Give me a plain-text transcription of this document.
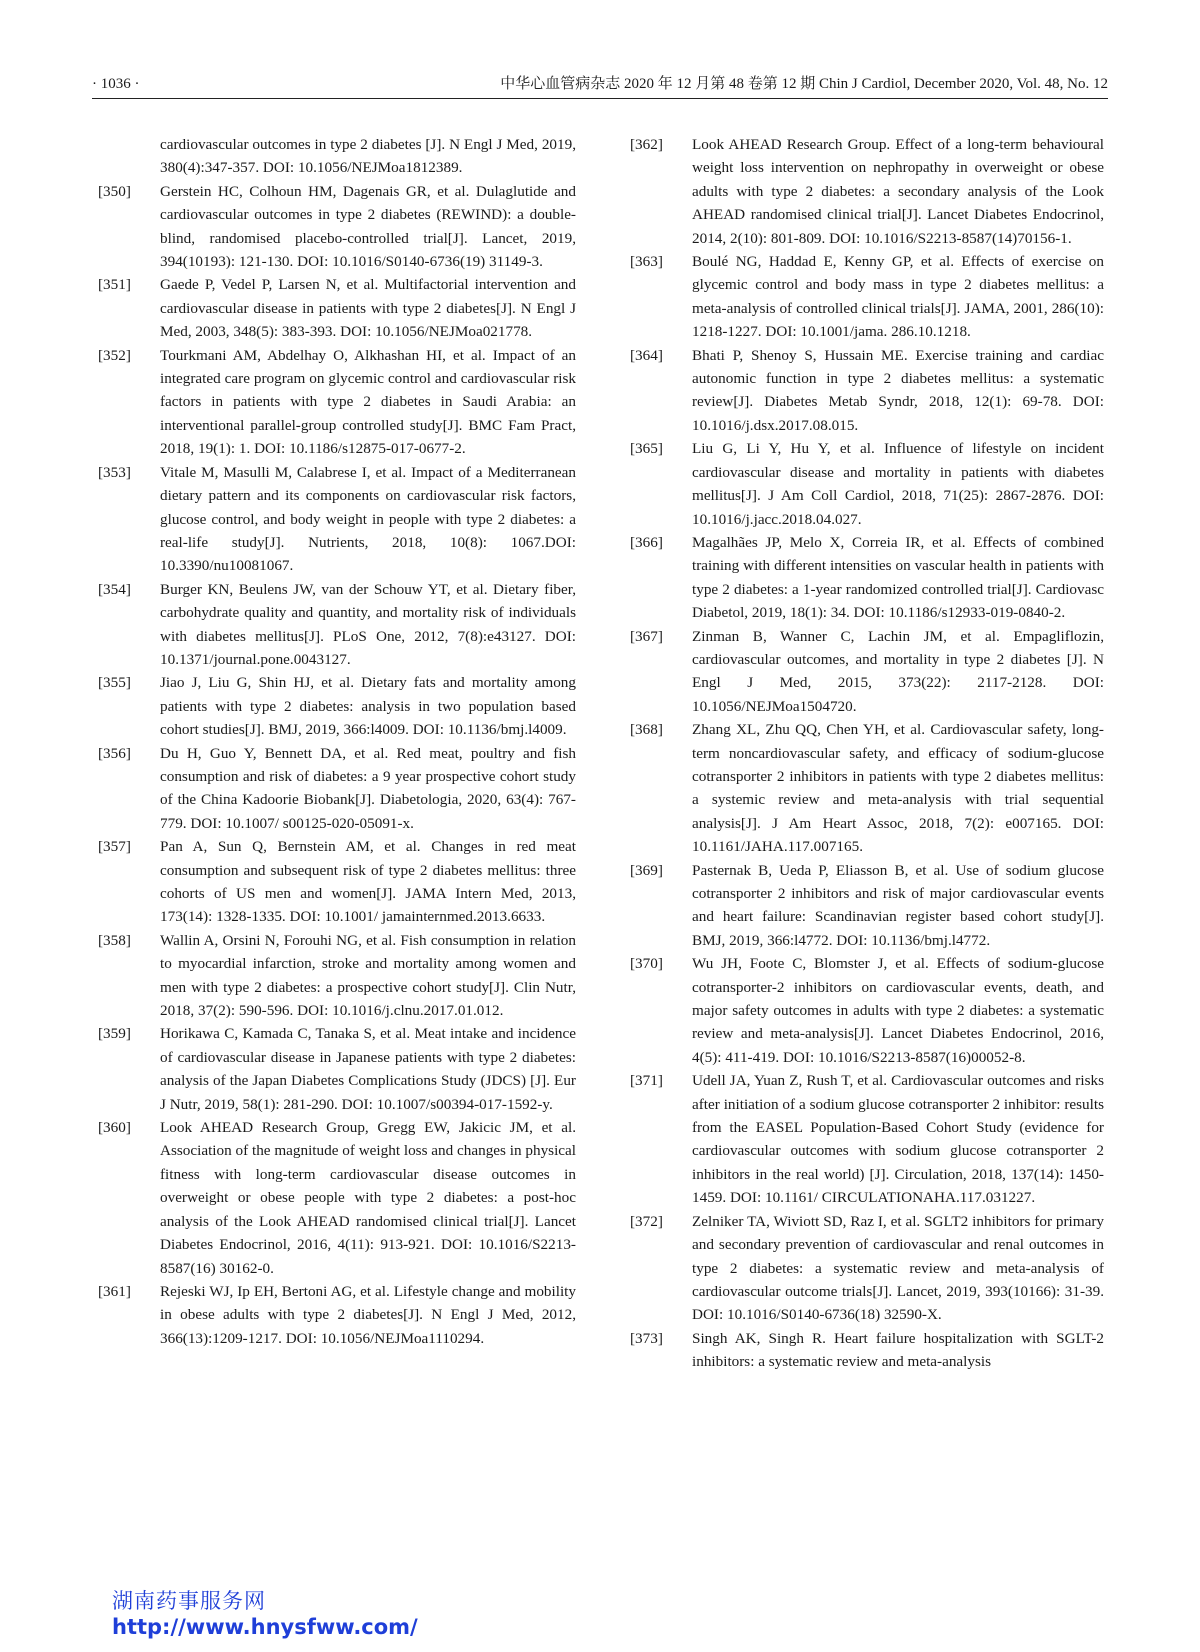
· 1036 ·	中华心血管病杂志 2020 年 12 月第 48 卷第 12 期 Chin J Cardiol, December 2020, Vol. 48, No. 12
cardiovascular outcomes in type 2 diabetes [J]. N Engl J Med, 2019, 380(4):347-357. DOI: 10.1056/NEJMoa1812389.
[350] Gerstein HC, Colhoun HM, Dagenais GR, et al. Dulaglutide and cardiovascular outcomes in type 2 diabetes (REWIND): a double-blind, randomised placebo-controlled trial[J]. Lancet, 2019, 394(10193): 121-130. DOI: 10.1016/S0140-6736(19) 31149-3.
[351] Gaede P, Vedel P, Larsen N, et al. Multifactorial intervention and cardiovascular disease in patients with type 2 diabetes[J]. N Engl J Med, 2003, 348(5): 383-393. DOI: 10.1056/NEJMoa021778.
[352] Tourkmani AM, Abdelhay O, Alkhashan HI, et al. Impact of an integrated care program on glycemic control and cardiovascular risk factors in patients with type 2 diabetes in Saudi Arabia: an interventional parallel-group controlled study[J]. BMC Fam Pract, 2018, 19(1): 1. DOI: 10.1186/s12875-017-0677-2.
[353] Vitale M, Masulli M, Calabrese I, et al. Impact of a Mediterranean dietary pattern and its components on cardiovascular risk factors, glucose control, and body weight in people with type 2 diabetes: a real-life study[J]. Nutrients, 2018, 10(8): 1067.DOI: 10.3390/nu10081067.
[354] Burger KN, Beulens JW, van der Schouw YT, et al. Dietary fiber, carbohydrate quality and quantity, and mortality risk of individuals with diabetes mellitus[J]. PLoS One, 2012, 7(8):e43127. DOI: 10.1371/journal.pone.0043127.
[355] Jiao J, Liu G, Shin HJ, et al. Dietary fats and mortality among patients with type 2 diabetes: analysis in two population based cohort studies[J]. BMJ, 2019, 366:l4009. DOI: 10.1136/bmj.l4009.
[356] Du H, Guo Y, Bennett DA, et al. Red meat, poultry and fish consumption and risk of diabetes: a 9 year prospective cohort study of the China Kadoorie Biobank[J]. Diabetologia, 2020, 63(4): 767-779. DOI: 10.1007/ s00125-020-05091-x.
[357] Pan A, Sun Q, Bernstein AM, et al. Changes in red meat consumption and subsequent risk of type 2 diabetes mellitus: three cohorts of US men and women[J]. JAMA Intern Med, 2013, 173(14): 1328-1335. DOI: 10.1001/ jamainternmed.2013.6633.
[358] Wallin A, Orsini N, Forouhi NG, et al. Fish consumption in relation to myocardial infarction, stroke and mortality among women and men with type 2 diabetes: a prospective cohort study[J]. Clin Nutr, 2018, 37(2): 590-596. DOI: 10.1016/j.clnu.2017.01.012.
[359] Horikawa C, Kamada C, Tanaka S, et al. Meat intake and incidence of cardiovascular disease in Japanese patients with type 2 diabetes: analysis of the Japan Diabetes Complications Study (JDCS) [J]. Eur J Nutr, 2019, 58(1): 281-290. DOI: 10.1007/s00394-017-1592-y.
[360] Look AHEAD Research Group, Gregg EW, Jakicic JM, et al. Association of the magnitude of weight loss and changes in physical fitness with long-term cardiovascular disease outcomes in overweight or obese people with type 2 diabetes: a post-hoc analysis of the Look AHEAD randomised clinical trial[J]. Lancet Diabetes Endocrinol, 2016, 4(11): 913-921. DOI: 10.1016/S2213-8587(16) 30162-0.
[361] Rejeski WJ, Ip EH, Bertoni AG, et al. Lifestyle change and mobility in obese adults with type 2 diabetes[J]. N Engl J Med, 2012, 366(13):1209-1217. DOI: 10.1056/NEJMoa1110294.
[362] Look AHEAD Research Group. Effect of a long-term behavioural weight loss intervention on nephropathy in overweight or obese adults with type 2 diabetes: a secondary analysis of the Look AHEAD randomised clinical trial[J]. Lancet Diabetes Endocrinol, 2014, 2(10): 801-809. DOI: 10.1016/S2213-8587(14)70156-1.
[363] Boulé NG, Haddad E, Kenny GP, et al. Effects of exercise on glycemic control and body mass in type 2 diabetes mellitus: a meta-analysis of controlled clinical trials[J]. JAMA, 2001, 286(10): 1218-1227. DOI: 10.1001/jama. 286.10.1218.
[364] Bhati P, Shenoy S, Hussain ME. Exercise training and cardiac autonomic function in type 2 diabetes mellitus: a systematic review[J]. Diabetes Metab Syndr, 2018, 12(1): 69-78. DOI: 10.1016/j.dsx.2017.08.015.
[365] Liu G, Li Y, Hu Y, et al. Influence of lifestyle on incident cardiovascular disease and mortality in patients with diabetes mellitus[J]. J Am Coll Cardiol, 2018, 71(25): 2867-2876. DOI: 10.1016/j.jacc.2018.04.027.
[366] Magalhães JP, Melo X, Correia IR, et al. Effects of combined training with different intensities on vascular health in patients with type 2 diabetes: a 1-year randomized controlled trial[J]. Cardiovasc Diabetol, 2019, 18(1): 34. DOI: 10.1186/s12933-019-0840-2.
[367] Zinman B, Wanner C, Lachin JM, et al. Empagliflozin, cardiovascular outcomes, and mortality in type 2 diabetes [J]. N Engl J Med, 2015, 373(22): 2117-2128. DOI: 10.1056/NEJMoa1504720.
[368] Zhang XL, Zhu QQ, Chen YH, et al. Cardiovascular safety, long-term noncardiovascular safety, and efficacy of sodium-glucose cotransporter 2 inhibitors in patients with type 2 diabetes mellitus: a systemic review and meta-analysis with trial sequential analysis[J]. J Am Heart Assoc, 2018, 7(2): e007165. DOI: 10.1161/JAHA.117.007165.
[369] Pasternak B, Ueda P, Eliasson B, et al. Use of sodium glucose cotransporter 2 inhibitors and risk of major cardiovascular events and heart failure: Scandinavian register based cohort study[J]. BMJ, 2019, 366:l4772. DOI: 10.1136/bmj.l4772.
[370] Wu JH, Foote C, Blomster J, et al. Effects of sodium-glucose cotransporter-2 inhibitors on cardiovascular events, death, and major safety outcomes in adults with type 2 diabetes: a systematic review and meta-analysis[J]. Lancet Diabetes Endocrinol, 2016, 4(5): 411-419. DOI: 10.1016/S2213-8587(16)00052-8.
[371] Udell JA, Yuan Z, Rush T, et al. Cardiovascular outcomes and risks after initiation of a sodium glucose cotransporter 2 inhibitor: results from the EASEL Population-Based Cohort Study (evidence for cardiovascular outcomes with sodium glucose cotransporter 2 inhibitors in the real world) [J]. Circulation, 2018, 137(14): 1450-1459. DOI: 10.1161/ CIRCULATIONAHA.117.031227.
[372] Zelniker TA, Wiviott SD, Raz I, et al. SGLT2 inhibitors for primary and secondary prevention of cardiovascular and renal outcomes in type 2 diabetes: a systematic review and meta-analysis of cardiovascular outcome trials[J]. Lancet, 2019, 393(10166): 31-39. DOI: 10.1016/S0140-6736(18) 32590-X.
[373] Singh AK, Singh R. Heart failure hospitalization with SGLT-2 inhibitors: a systematic review and meta-analysis
湖南药事服务网
http://www.hnysfww.com/
